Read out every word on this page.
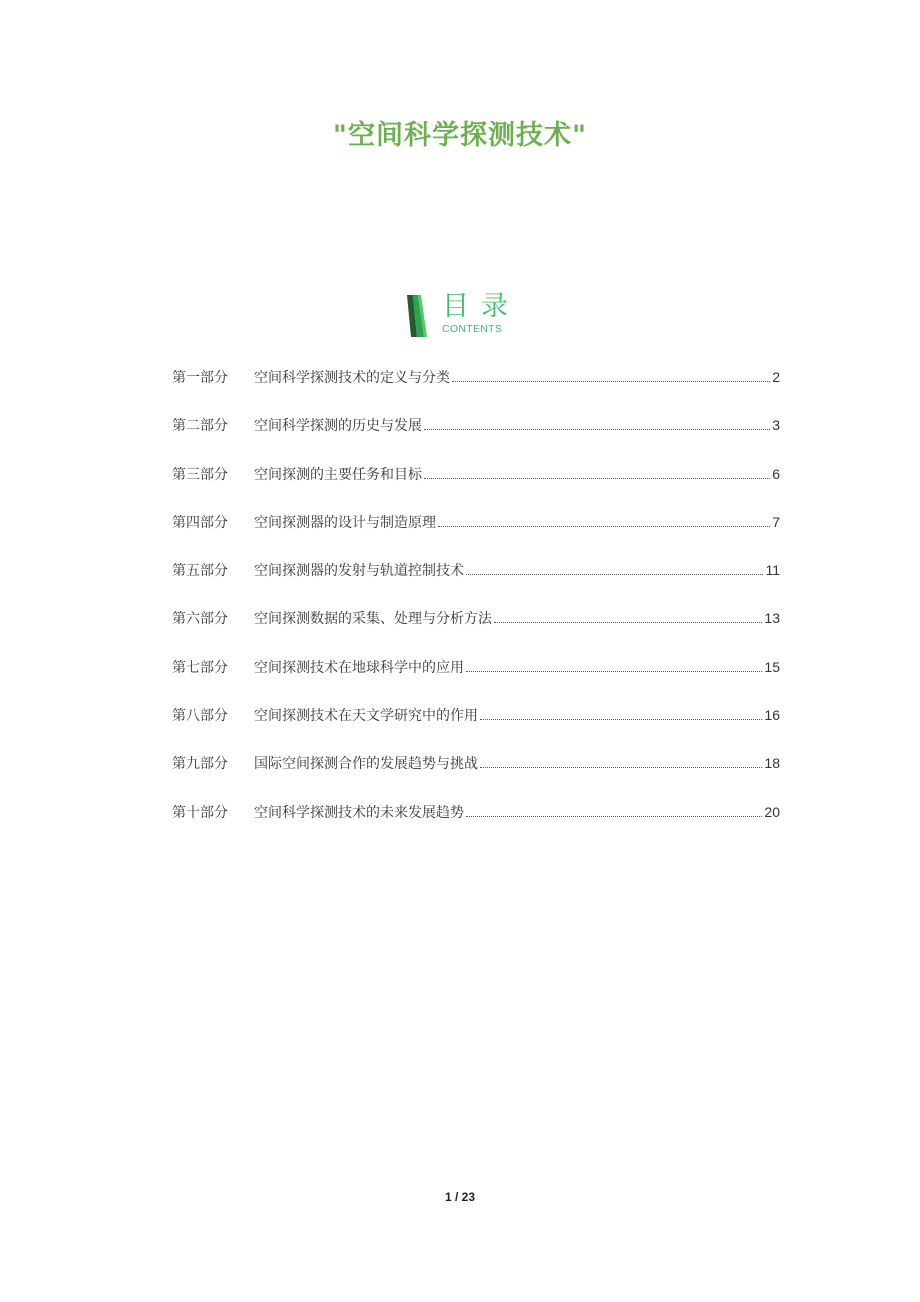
"空间科学探测技术"
目录
CONTENTS
第一部分	空间科学探测技术的定义与分类	2
第二部分	空间科学探测的历史与发展	3
第三部分	空间探测的主要任务和目标	6
第四部分	空间探测器的设计与制造原理	7
第五部分	空间探测器的发射与轨道控制技术	11
第六部分	空间探测数据的采集、处理与分析方法	13
第七部分	空间探测技术在地球科学中的应用	15
第八部分	空间探测技术在天文学研究中的作用	16
第九部分	国际空间探测合作的发展趋势与挑战	18
第十部分	空间科学探测技术的未来发展趋势	20
1 / 23
